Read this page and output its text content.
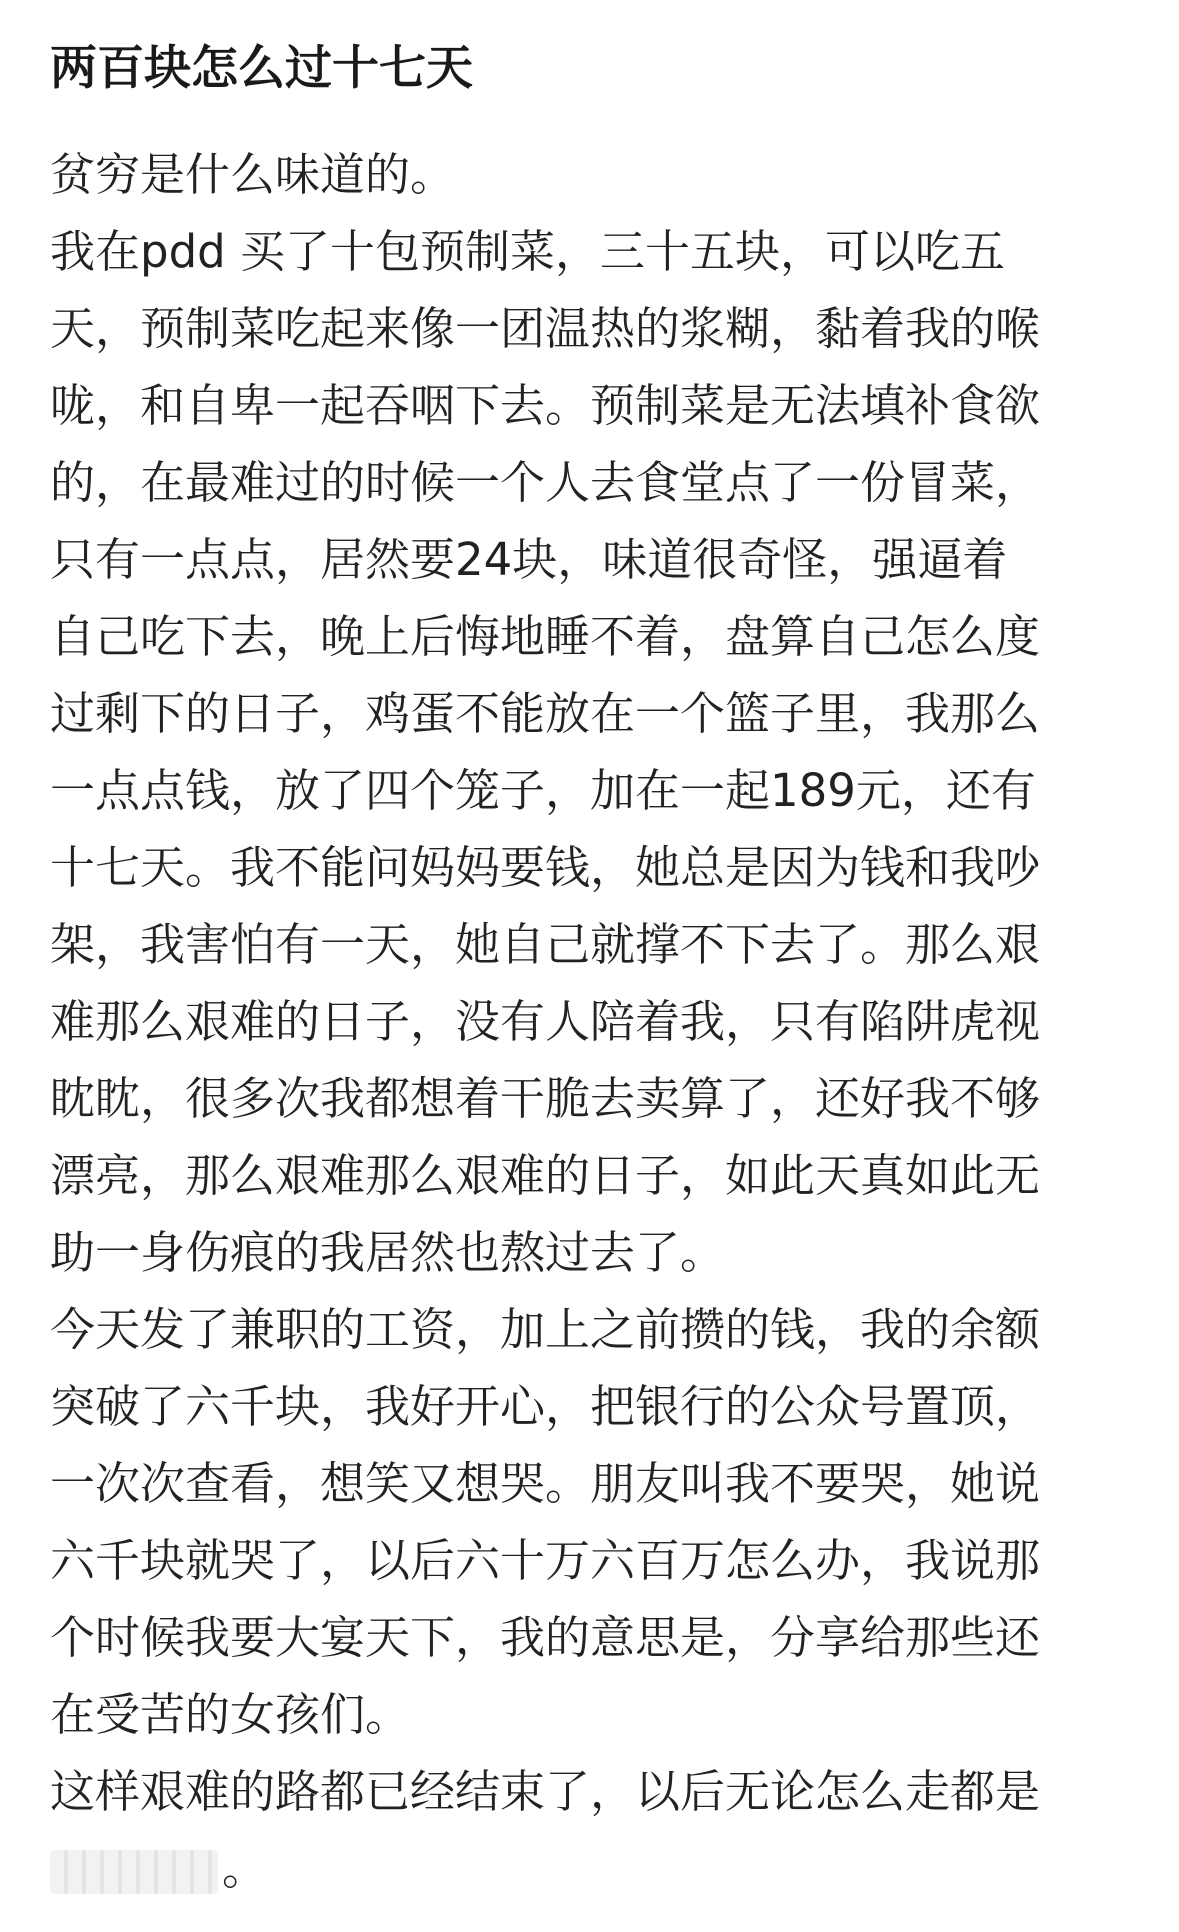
两百块怎么过十七天
贫穷是什么味道的。
我在pdd 买了十包预制菜，三十五块，可以吃五
天，预制菜吃起来像一团温热的浆糊，黏着我的喉
咙，和自卑一起吞咽下去。预制菜是无法填补食欲
的，在最难过的时候一个人去食堂点了一份冒菜，
只有一点点，居然要24块，味道很奇怪，强逼着
自己吃下去，晚上后悔地睡不着，盘算自己怎么度
过剩下的日子，鸡蛋不能放在一个篮子里，我那么
一点点钱，放了四个笼子，加在一起189元，还有
十七天。我不能问妈妈要钱，她总是因为钱和我吵
架，我害怕有一天，她自己就撑不下去了。那么艰
难那么艰难的日子，没有人陪着我，只有陷阱虎视
眈眈，很多次我都想着干脆去卖算了，还好我不够
漂亮，那么艰难那么艰难的日子，如此天真如此无
助一身伤痕的我居然也熬过去了。
今天发了兼职的工资，加上之前攒的钱，我的余额
突破了六千块，我好开心，把银行的公众号置顶，
一次次查看，想笑又想哭。朋友叫我不要哭，她说
六千块就哭了，以后六十万六百万怎么办，我说那
个时候我要大宴天下，我的意思是，分享给那些还
在受苦的女孩们。
这样艰难的路都已经结束了，以后无论怎么走都是
。
